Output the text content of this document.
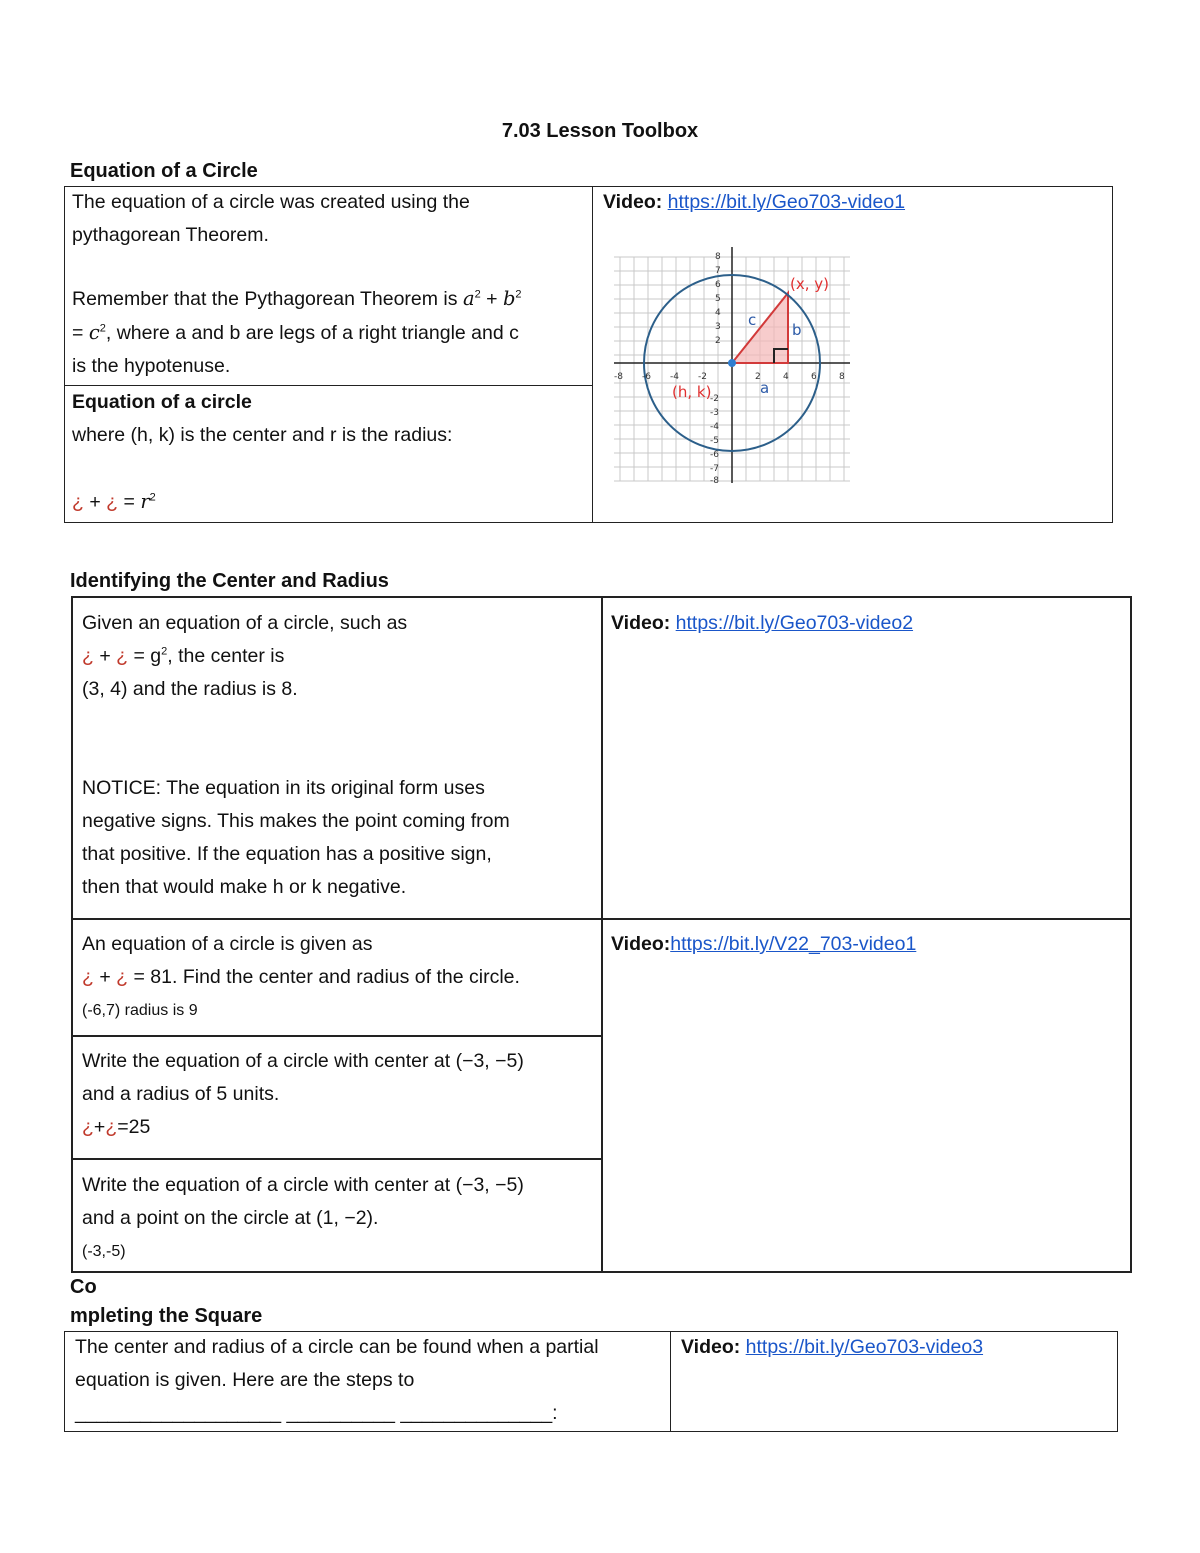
7.03 Lesson Toolbox
Equation of a Circle
The equation of a circle was created using the
pythagorean Theorem.
Remember that the Pythagorean Theorem is $a^2 + b^2$
= $c^2$, where a and b are legs of a right triangle and c
is the hypotenuse.
Equation of a circle
where (h, k) is the center and r is the radius:
¿ + ¿ = $r^2$
Video: https://bit.ly/Geo703-video1
8
7
6
5
4
3
2
-2
-3
-4
-5
-6
-7
-8
-8 -6 -4 -2	2 4 6 8
(x, y)
(h, k)
b
a
c
Identifying the Center and Radius
Given an equation of a circle, such as
¿ + ¿ = $g^2$, the center is
(3, 4) and the radius is 8.
NOTICE: The equation in its original form uses
negative signs. This makes the point coming from
that positive. If the equation has a positive sign,
then that would make h or k negative.
Video: https://bit.ly/Geo703-video2
An equation of a circle is given as
¿ + ¿ = 81. Find the center and radius of the circle.
(-6,7) radius is 9
Video:https://bit.ly/V22_703-video1
Write the equation of a circle with center at (−3, −5)
and a radius of 5 units.
¿+¿=25
Write the equation of a circle with center at (−3, −5)
and a point on the circle at (1, −2).
(-3,-5)
Co
mpleting the Square
The center and radius of a circle can be found when a partial
equation is given. Here are the steps to
___________________ __________ ______________:
Video: https://bit.ly/Geo703-video3
